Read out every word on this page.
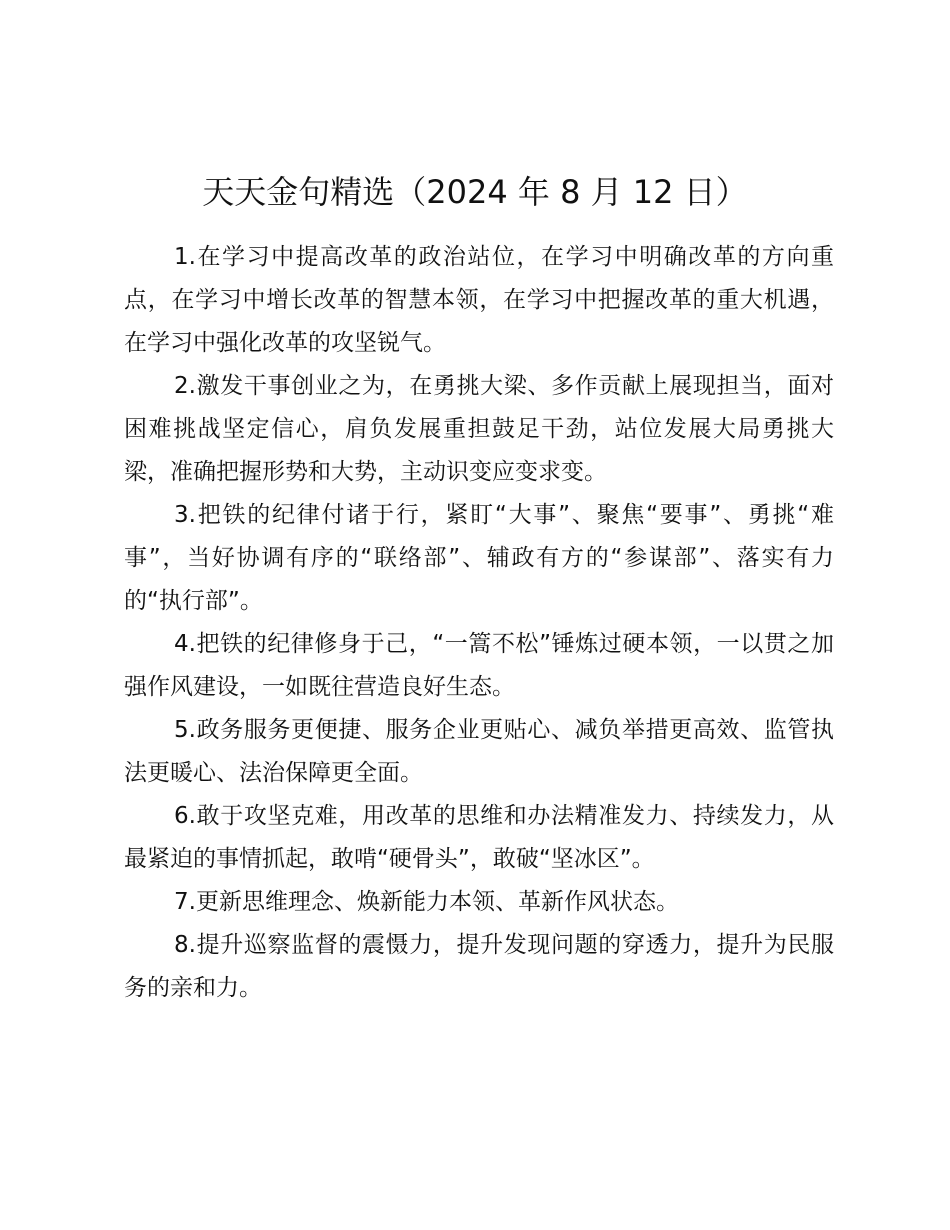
天天金句精选（2024 年 8 月 12 日）

1.在学习中提高改革的政治站位，在学习中明确改革的方向重点，在学习中增长改革的智慧本领，在学习中把握改革的重大机遇，在学习中强化改革的攻坚锐气。

2.激发干事创业之为，在勇挑大梁、多作贡献上展现担当，面对困难挑战坚定信心，肩负发展重担鼓足干劲，站位发展大局勇挑大梁，准确把握形势和大势，主动识变应变求变。

3.把铁的纪律付诸于行，紧盯“大事”、聚焦“要事”、勇挑“难事”，当好协调有序的“联络部”、辅政有方的“参谋部”、落实有力的“执行部”。

4.把铁的纪律修身于己，“一篙不松”锤炼过硬本领，一以贯之加强作风建设，一如既往营造良好生态。

5.政务服务更便捷、服务企业更贴心、减负举措更高效、监管执法更暖心、法治保障更全面。

6.敢于攻坚克难，用改革的思维和办法精准发力、持续发力，从最紧迫的事情抓起，敢啃“硬骨头”，敢破“坚冰区”。

7.更新思维理念、焕新能力本领、革新作风状态。

8.提升巡察监督的震慑力，提升发现问题的穿透力，提升为民服务的亲和力。
